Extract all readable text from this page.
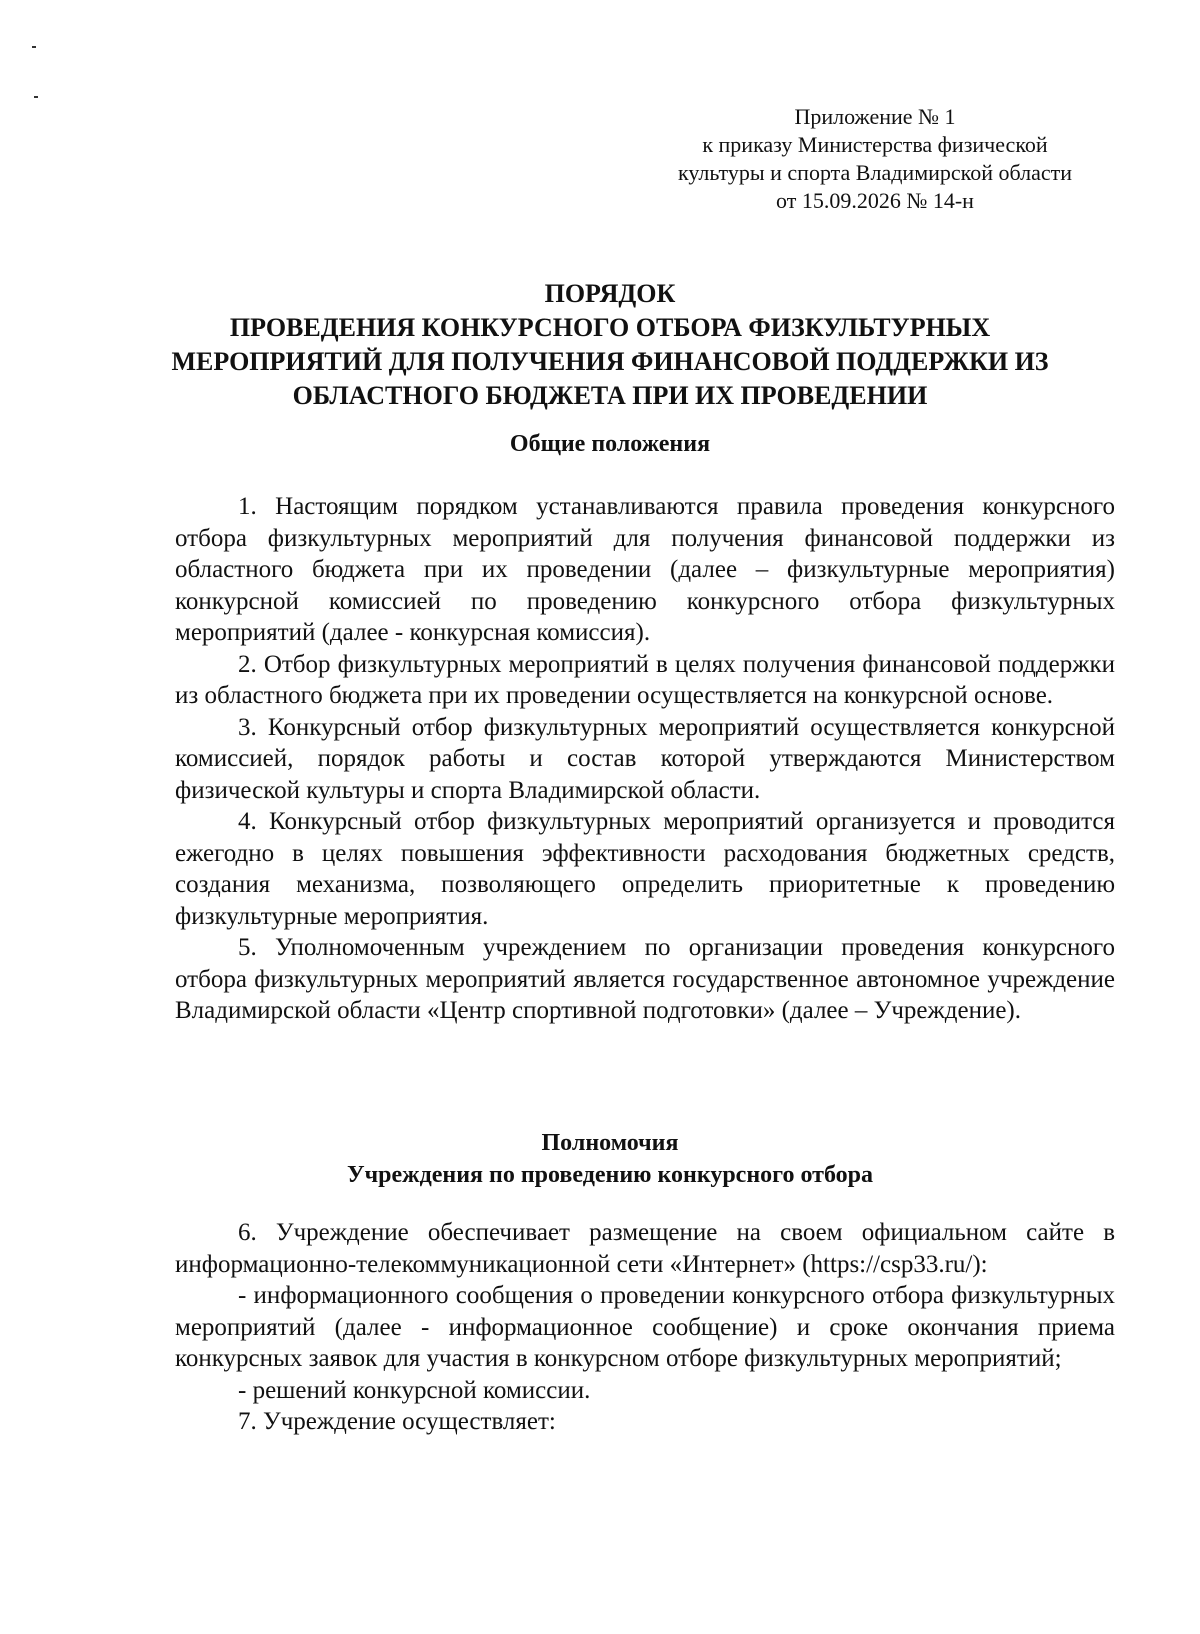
Приложение № 1
к приказу Министерства физической
культуры и спорта Владимирской области
от 15.09.2026 № 14-н
ПОРЯДОК
ПРОВЕДЕНИЯ КОНКУРСНОГО ОТБОРА ФИЗКУЛЬТУРНЫХ
МЕРОПРИЯТИЙ ДЛЯ ПОЛУЧЕНИЯ ФИНАНСОВОЙ ПОДДЕРЖКИ ИЗ
ОБЛАСТНОГО БЮДЖЕТА ПРИ ИХ ПРОВЕДЕНИИ
Общие положения

1. Настоящим порядком устанавливаются правила проведения конкурсного отбора физкультурных мероприятий для получения финансовой поддержки из областного бюджета при их проведении (далее – физкультурные мероприятия) конкурсной комиссией по проведению конкурсного отбора физкультурных мероприятий (далее - конкурсная комиссия).

2. Отбор физкультурных мероприятий в целях получения финансовой поддержки из областного бюджета при их проведении осуществляется на конкурсной основе.

3. Конкурсный отбор физкультурных мероприятий осуществляется конкурсной комиссией, порядок работы и состав которой утверждаются Министерством физической культуры и спорта Владимирской области.

4. Конкурсный отбор физкультурных мероприятий организуется и проводится ежегодно в целях повышения эффективности расходования бюджетных средств, создания механизма, позволяющего определить приоритетные к проведению физкультурные мероприятия.

5. Уполномоченным учреждением по организации проведения конкурсного отбора физкультурных мероприятий является государственное автономное учреждение Владимирской области «Центр спортивной подготовки» (далее – Учреждение).

Полномочия
Учреждения по проведению конкурсного отбора

6. Учреждение обеспечивает размещение на своем официальном сайте в информационно-телекоммуникационной сети «Интернет» (https://csp33.ru/):

- информационного сообщения о проведении конкурсного отбора физкультурных мероприятий (далее - информационное сообщение) и сроке окончания приема конкурсных заявок для участия в конкурсном отборе физкультурных мероприятий;

- решений конкурсной комиссии.

7. Учреждение осуществляет:
